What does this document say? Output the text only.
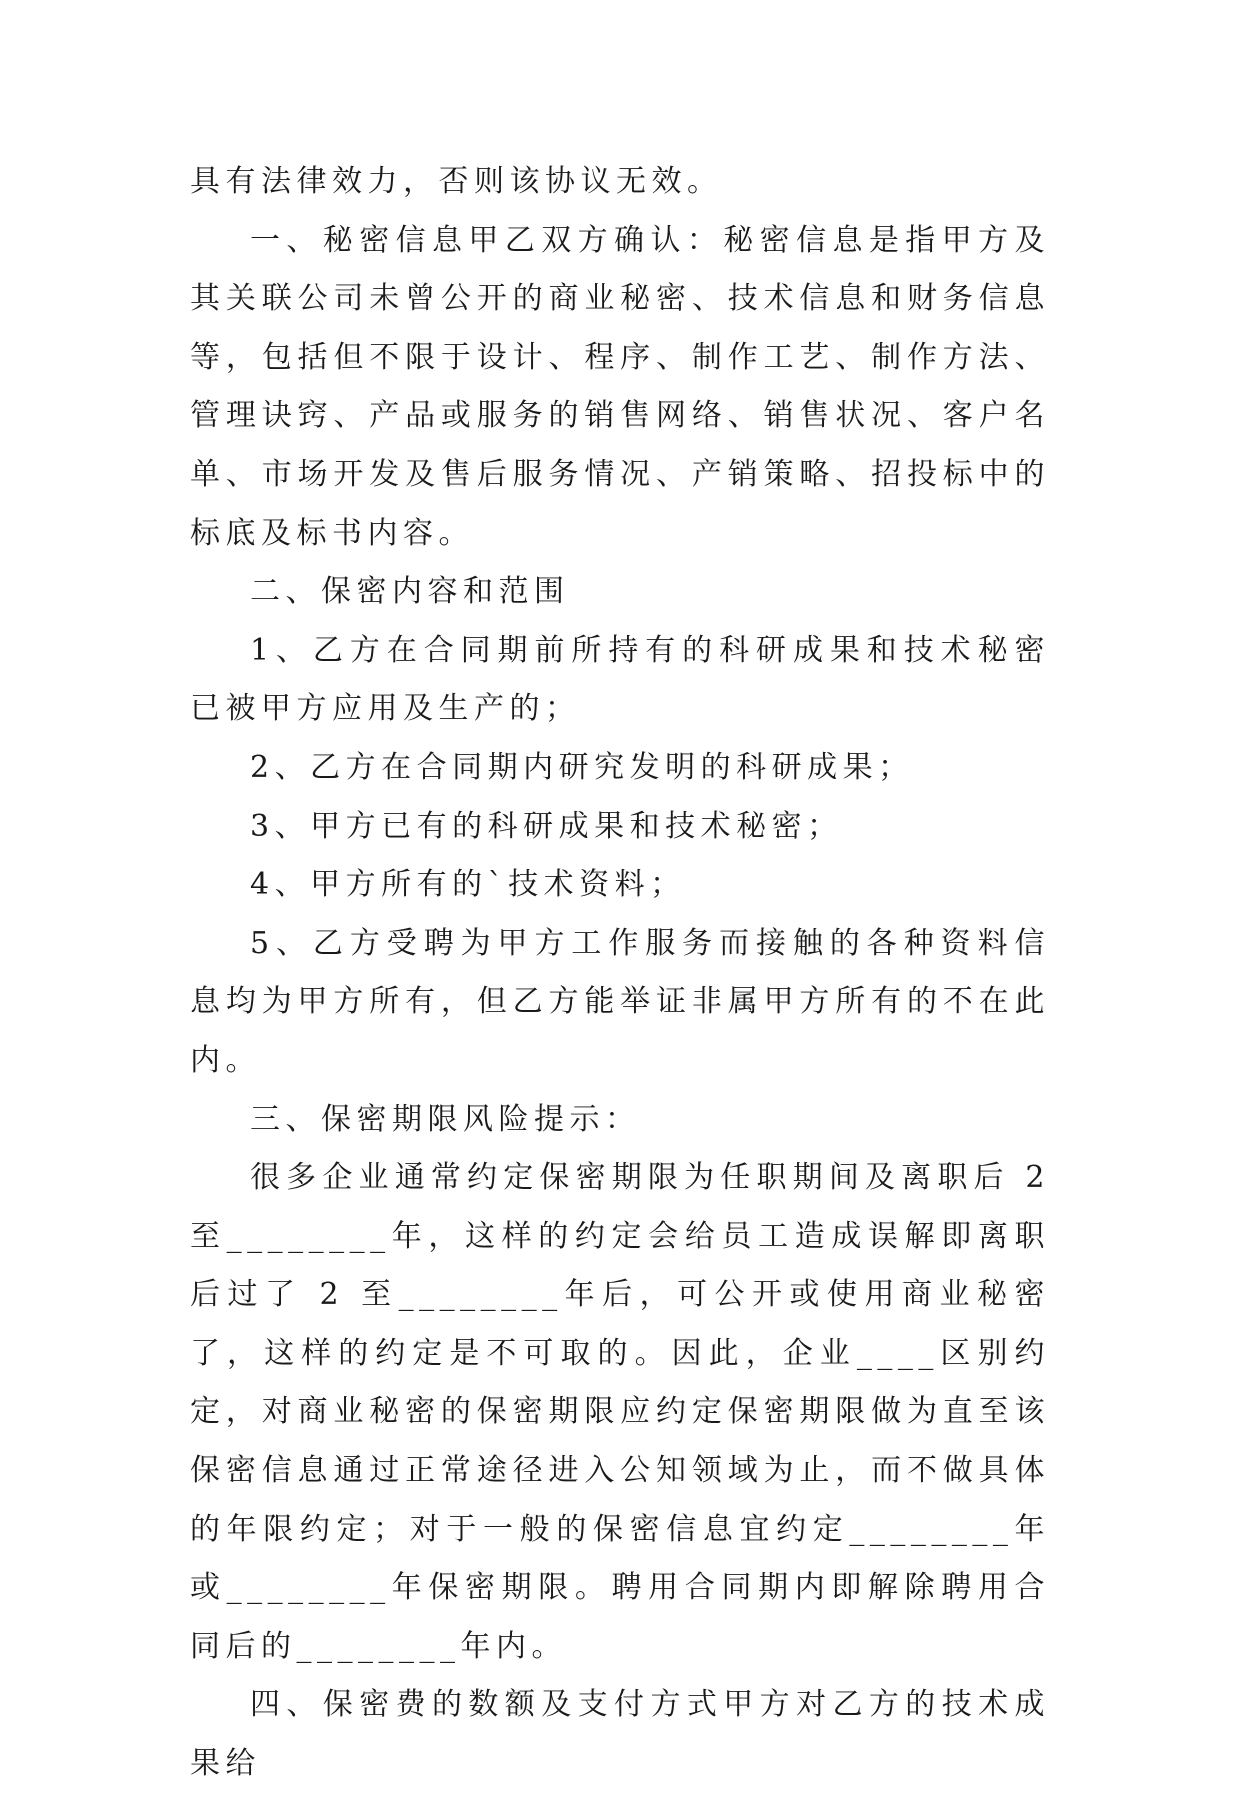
具有法律效力，否则该协议无效。

一、秘密信息甲乙双方确认：秘密信息是指甲方及其关联公司未曾公开的商业秘密、技术信息和财务信息等，包括但不限于设计、程序、制作工艺、制作方法、管理诀窍、产品或服务的销售网络、销售状况、客户名单、市场开发及售后服务情况、产销策略、招投标中的标底及标书内容。

二、保密内容和范围

1、乙方在合同期前所持有的科研成果和技术秘密已被甲方应用及生产的；

2、乙方在合同期内研究发明的科研成果；

3、甲方已有的科研成果和技术秘密；

4、甲方所有的`技术资料；

5、乙方受聘为甲方工作服务而接触的各种资料信息均为甲方所有，但乙方能举证非属甲方所有的不在此内。

三、保密期限风险提示：

很多企业通常约定保密期限为任职期间及离职后 2 至________年，这样的约定会给员工造成误解即离职后过了 2 至________年后，可公开或使用商业秘密了，这样的约定是不可取的。因此，企业____区别约定，对商业秘密的保密期限应约定保密期限做为直至该保密信息通过正常途径进入公知领域为止，而不做具体的年限约定；对于一般的保密信息宜约定________年或________年保密期限。聘用合同期内即解除聘用合同后的________年内。

四、保密费的数额及支付方式甲方对乙方的技术成果给
